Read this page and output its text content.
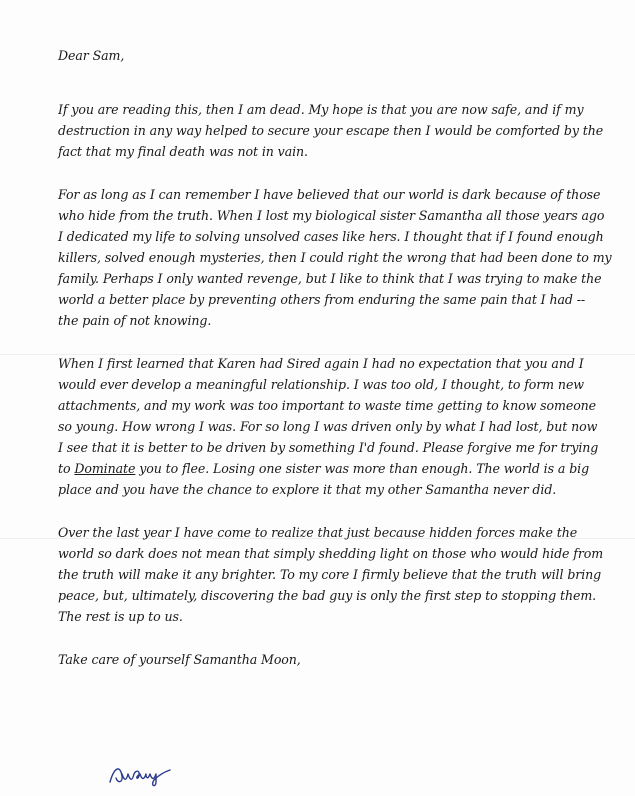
Dear Sam,
If you are reading this, then I am dead. My hope is that you are now safe, and if my
destruction in any way helped to secure your escape then I would be comforted by the
fact that my final death was not in vain.
For as long as I can remember I have believed that our world is dark because of those
who hide from the truth. When I lost my biological sister Samantha all those years ago
I dedicated my life to solving unsolved cases like hers. I thought that if I found enough
killers, solved enough mysteries, then I could right the wrong that had been done to my
family. Perhaps I only wanted revenge, but I like to think that I was trying to make the
world a better place by preventing others from enduring the same pain that I had --
the pain of not knowing.
When I first learned that Karen had Sired again I had no expectation that you and I
would ever develop a meaningful relationship. I was too old, I thought, to form new
attachments, and my work was too important to waste time getting to know someone
so young. How wrong I was. For so long I was driven only by what I had lost, but now
I see that it is better to be driven by something I'd found. Please forgive me for trying
to Dominate you to flee. Losing one sister was more than enough. The world is a big
place and you have the chance to explore it that my other Samantha never did.
Over the last year I have come to realize that just because hidden forces make the
world so dark does not mean that simply shedding light on those who would hide from
the truth will make it any brighter. To my core I firmly believe that the truth will bring
peace, but, ultimately, discovering the bad guy is only the first step to stopping them.
The rest is up to us.
Take care of yourself Samantha Moon,
